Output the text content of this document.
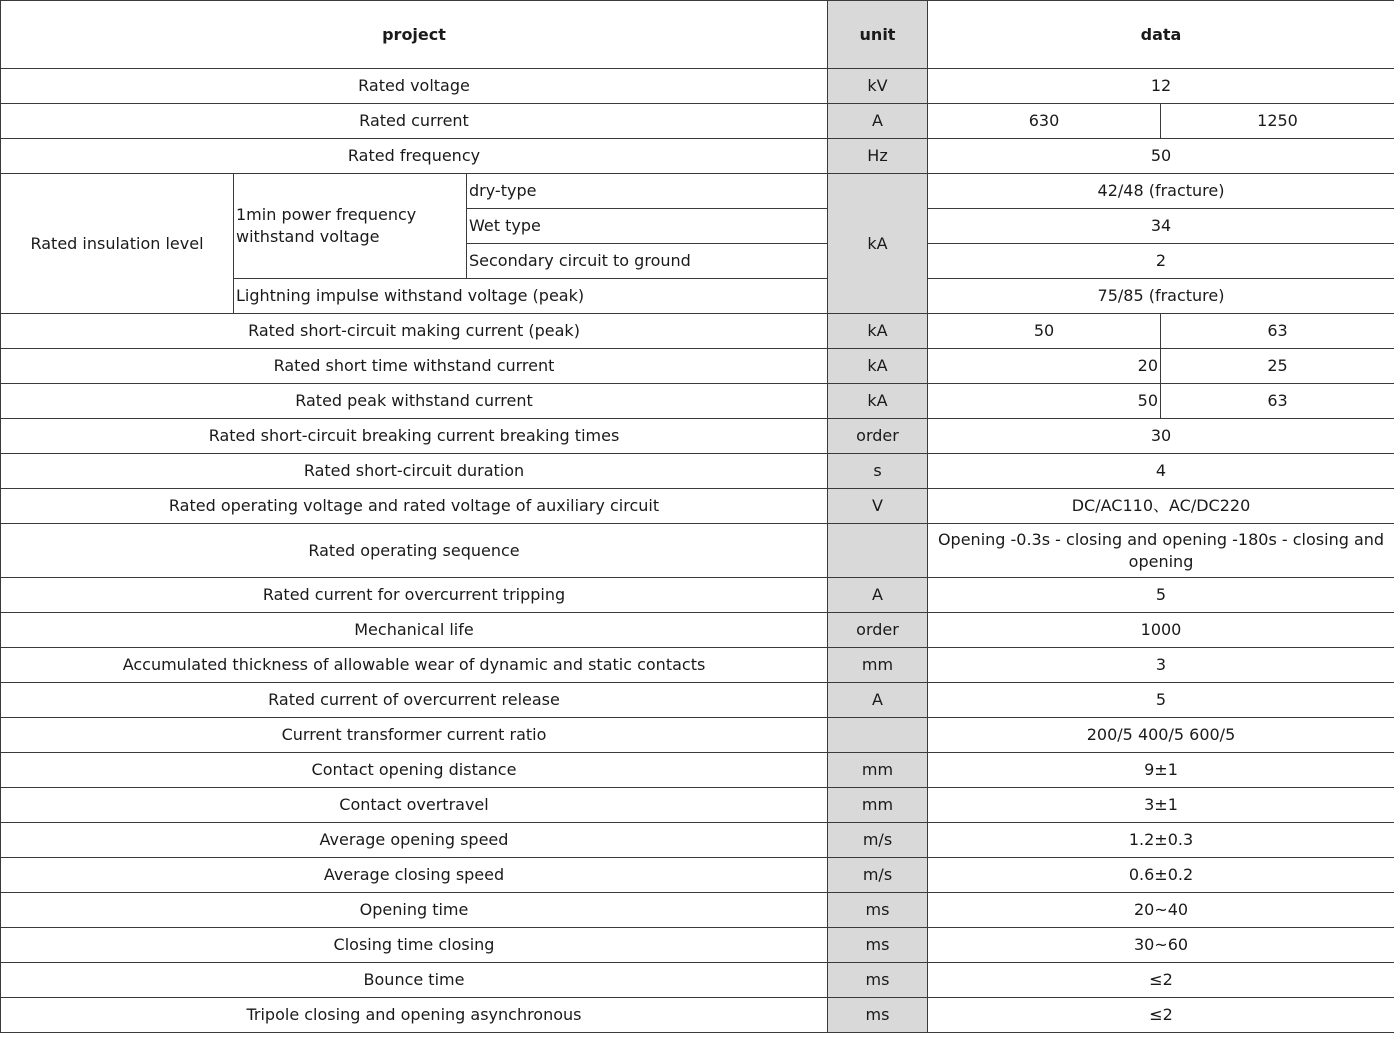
project			unit	data	
Rated voltage			kV	12	
Rated current			A	630	1250
Rated frequency			Hz	50	
Rated insulation level	1min power frequency withstand voltage	dry-type	kA	42/48 (fracture)	
		Wet type		34	
		Secondary circuit to ground		2	
	Lightning impulse withstand voltage (peak)			75/85 (fracture)	
Rated short-circuit making current (peak)			kA	50	63
Rated short time withstand current			kA	20	25
Rated peak withstand current			kA	50	63
Rated short-circuit breaking current breaking times			order	30	
Rated short-circuit duration			s	4	
Rated operating voltage and rated voltage of auxiliary circuit			V	DC/AC110、AC/DC220	
Rated operating sequence				Opening -0.3s - closing and opening -180s - closing and opening	
Rated current for overcurrent tripping			A	5	
Mechanical life			order	1000	
Accumulated thickness of allowable wear of dynamic and static contacts			mm	3	
Rated current of overcurrent release			A	5	
Current transformer current ratio				200/5 400/5 600/5	
Contact opening distance			mm	9±1	
Contact overtravel			mm	3±1	
Average opening speed			m/s	1.2±0.3	
Average closing speed			m/s	0.6±0.2	
Opening time			ms	20~40	
Closing time closing			ms	30~60	
Bounce time			ms	≤2	
Tripole closing and opening asynchronous			ms	≤2	
